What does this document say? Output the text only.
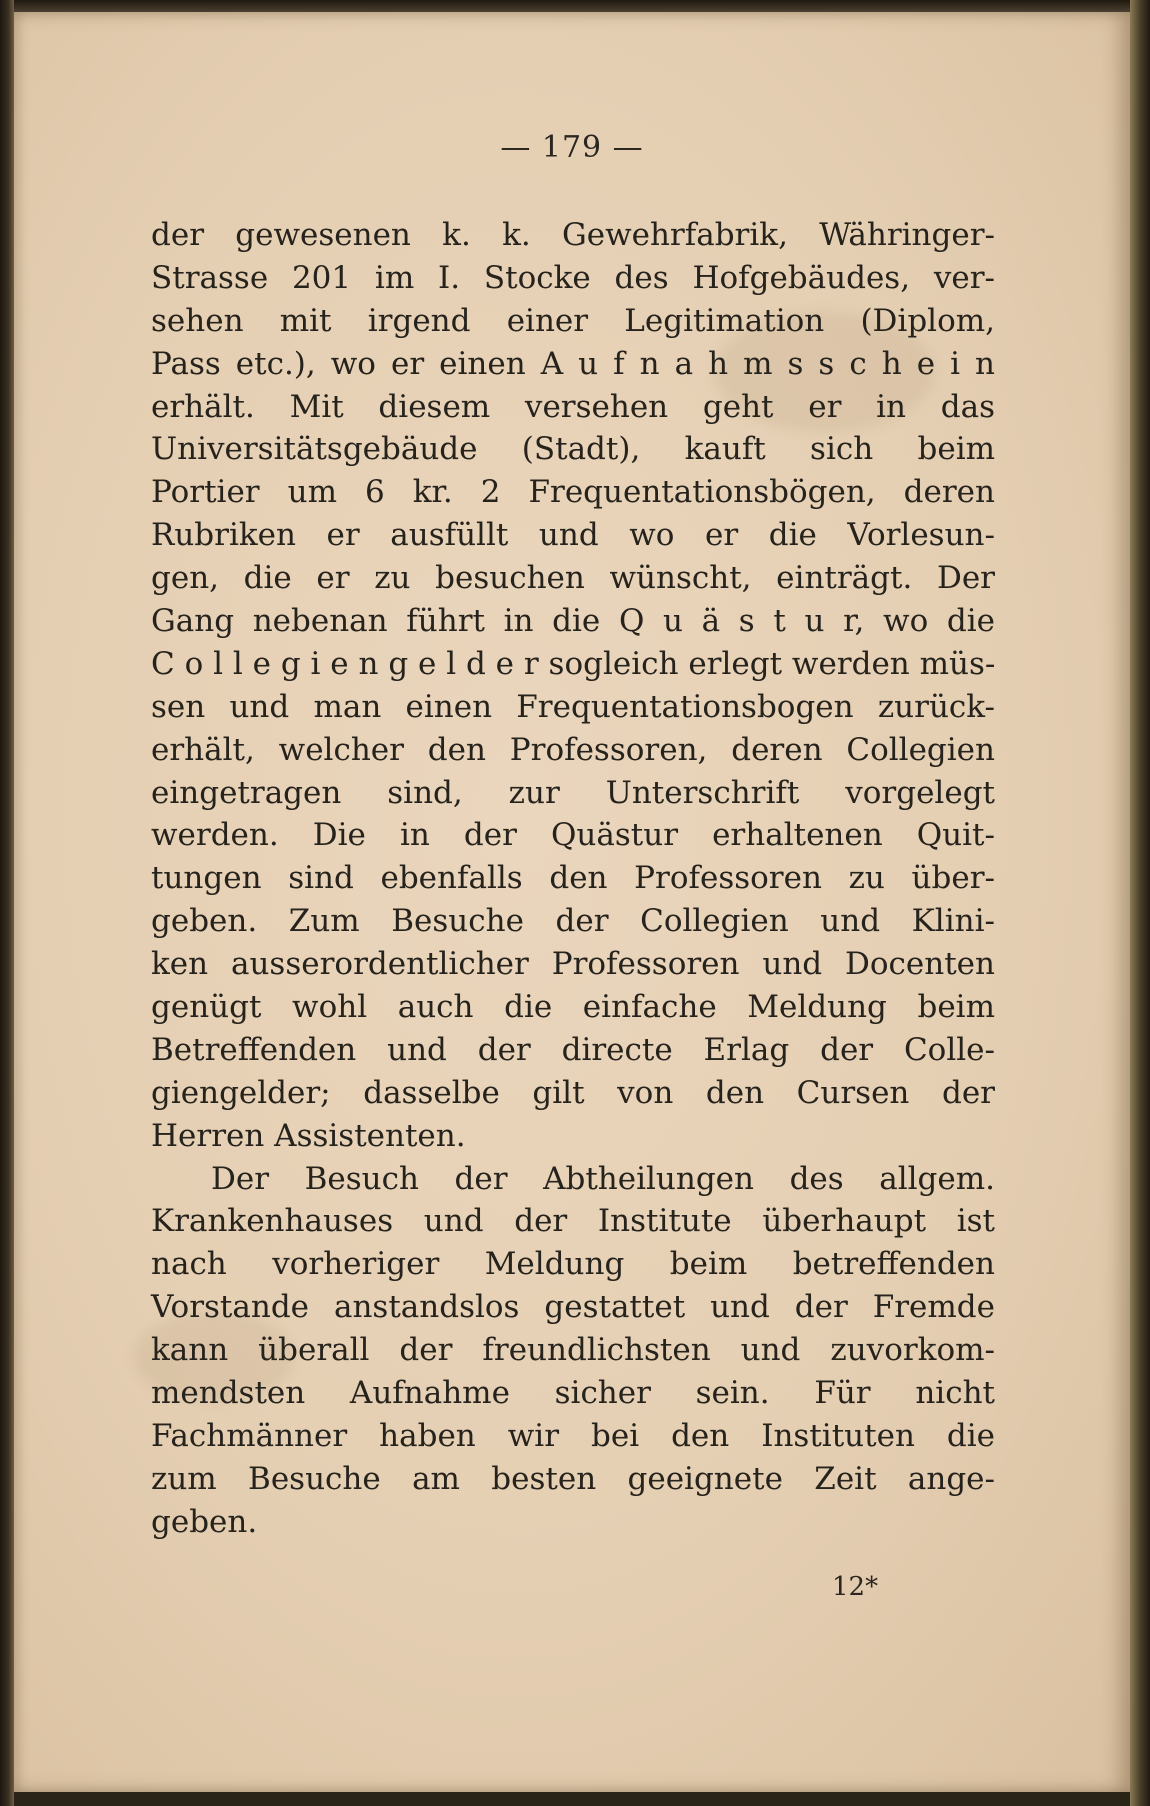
— 179 —
der gewesenen k. k. Gewehrfabrik, Währinger-
Strasse 201 im I. Stocke des Hofgebäudes, ver-
sehen mit irgend einer Legitimation (Diplom,
Pass etc.), wo er einen A u f n a h m s s c h e i n
erhält. Mit diesem versehen geht er in das
Universitätsgebäude (Stadt), kauft sich beim
Portier um 6 kr. 2 Frequentationsbögen, deren
Rubriken er ausfüllt und wo er die Vorlesun-
gen, die er zu besuchen wünscht, einträgt. Der
Gang nebenan führt in die Q u ä s t u r, wo die
C o l l e g i e n g e l d e r sogleich erlegt werden müs-
sen und man einen Frequentationsbogen zurück-
erhält, welcher den Professoren, deren Collegien
eingetragen sind, zur Unterschrift vorgelegt
werden. Die in der Quästur erhaltenen Quit-
tungen sind ebenfalls den Professoren zu über-
geben. Zum Besuche der Collegien und Klini-
ken ausserordentlicher Professoren und Docenten
genügt wohl auch die einfache Meldung beim
Betreffenden und der directe Erlag der Colle-
giengelder; dasselbe gilt von den Cursen der
Herren Assistenten.
Der Besuch der Abtheilungen des allgem.
Krankenhauses und der Institute überhaupt ist
nach vorheriger Meldung beim betreffenden
Vorstande anstandslos gestattet und der Fremde
kann überall der freundlichsten und zuvorkom-
mendsten Aufnahme sicher sein. Für nicht
Fachmänner haben wir bei den Instituten die
zum Besuche am besten geeignete Zeit ange-
geben.
12*
